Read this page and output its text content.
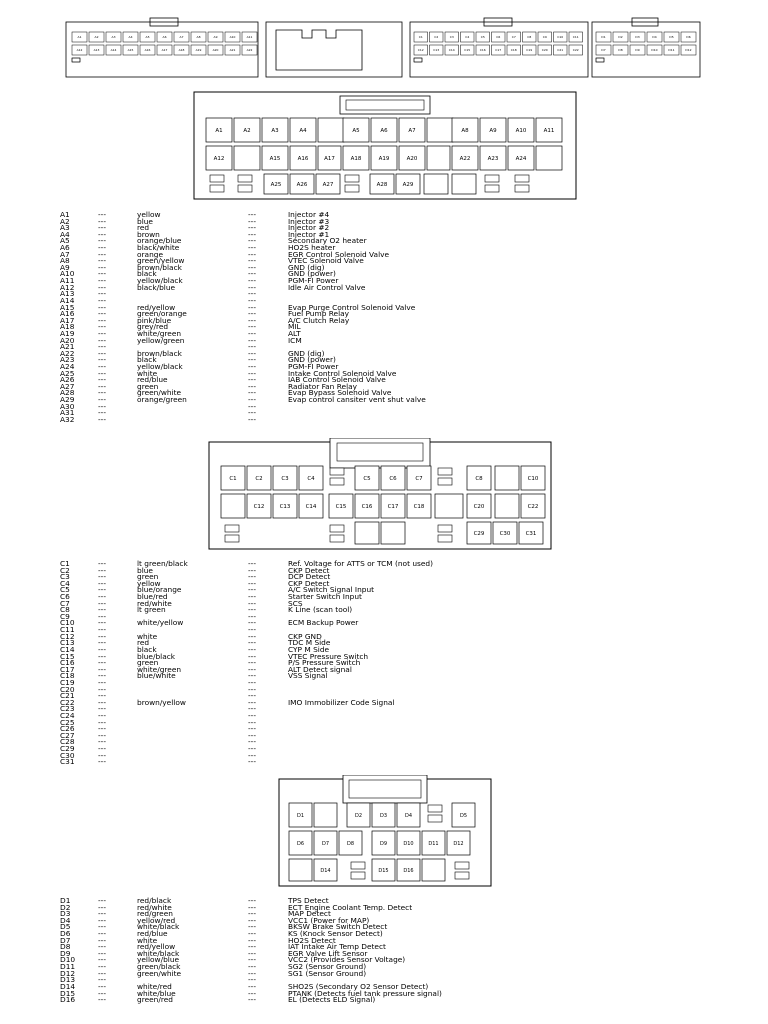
A1	A2	A3	A4	A5	A6	A7	A8	A9	A10	A11
A12	A13	A14	A15	A16	A17	A18	A19	A20	A21	A22
C1	C2	C3	C4	C5	C6	C7	C8	C9	C10	C11
C12	C13	C14	C15	C16	C17	C18	C19	C20	C21	C22
D1	D2	D3	D4	D5	D6
D7	D8	D9	D10	D11	D12
A1	A2	A3	A4	A5	A6	A7	A8	A9	A10	A11
A12	A15	A16	A17	A18	A19	A20	A22	A23	A24
A25	A26	A27	A28	A29
A1	---	yellow	---	Injector #4
A2	---	blue	---	Injector #3
A3	---	red	---	Injector #2
A4	---	brown	---	Injector #1
A5	---	orange/blue	---	Secondary O2 heater
A6	---	black/white	---	HO2S heater
A7	---	orange	---	EGR Control Solenoid Valve
A8	---	green/yellow	---	VTEC Solenoid Valve
A9	---	brown/black	---	GND (dig)
A10	---	black	---	GND (power)
A11	---	yellow/black	---	PGM-FI Power
A12	---	black/blue	---	Idle Air Control Valve
A13	---	---
A14	---	---
A15	---	red/yellow	---	Evap Purge Control Solenoid Valve
A16	---	green/orange	---	Fuel Pump Relay
A17	---	pink/blue	---	A/C Clutch Relay
A18	---	grey/red	---	MIL
A19	---	white/green	---	ALT
A20	---	yellow/green	---	ICM
A21	---	---
A22	---	brown/black	---	GND (dig)
A23	---	black	---	GND (power)
A24	---	yellow/black	---	PGM-FI Power
A25	---	white	---	Intake Control Solenoid Valve
A26	---	red/blue	---	IAB Control Solenoid Valve
A27	---	green	---	Radiator Fan Relay
A28	---	green/white	---	Evap Bypass Solenoid Valve
A29	---	orange/green	---	Evap control cansiter vent shut valve
A30	---	---
A31	---	---
A32	---	---
C1	C2	C3	C4	C5	C6	C7	C8	C10
C12	C13	C14	C15	C16	C17	C18	C20	C22
C29	C30	C31
C1	---	lt green/black	---	Ref. Voltage for ATTS or TCM (not used)
C2	---	blue	---	CKP Detect
C3	---	green	---	DCP Detect
C4	---	yellow	---	CKP Detect
C5	---	blue/orange	---	A/C Switch Signal Input
C6	---	blue/red	---	Starter Switch Input
C7	---	red/white	---	SCS
C8	---	lt green	---	K Line (scan tool)
C9	---	---
C10	---	white/yellow	---	ECM Backup Power
C11	---	---
C12	---	white	---	CKP GND
C13	---	red	---	TDC M Side
C14	---	black	---	CYP M Side
C15	---	blue/black	---	VTEC Pressure Switch
C16	---	green	---	P/S Pressure Switch
C17	---	white/green	---	ALT Detect signal
C18	---	blue/white	---	VSS Signal
C19	---	---
C20	---	---
C21	---	---
C22	---	brown/yellow	---	IMO Immobilizer Code Signal
C23	---	---
C24	---	---
C25	---	---
C26	---	---
C27	---	---
C28	---	---
C29	---	---
C30	---	---
C31	---	---
D1	D2	D3	D4	D5
D6	D7	D8	D9	D10	D11	D12
D14	D15	D16
D1	---	red/black	---	TPS Detect
D2	---	red/white	---	ECT Engine Coolant Temp. Detect
D3	---	red/green	---	MAP Detect
D4	---	yellow/red	---	VCC1 (Power for MAP)
D5	---	white/black	---	BKSW Brake Switch Detect
D6	---	red/blue	---	KS (Knock Sensor Detect)
D7	---	white	---	HO2S Detect
D8	---	red/yellow	---	IAT Intake Air Temp Detect
D9	---	white/black	---	EGR Valve Lift Sensor
D10	---	yellow/blue	---	VCC2 (Provides Sensor Voltage)
D11	---	green/black	---	SG2 (Sensor Ground)
D12	---	green/white	---	SG1 (Sensor Ground)
D13	---	---
D14	---	white/red	---	SHO2S (Secondary O2 Sensor Detect)
D15	---	white/blue	---	PTANK (Detects fuel tank pressure signal)
D16	---	green/red	---	EL (Detects ELD Signal)
